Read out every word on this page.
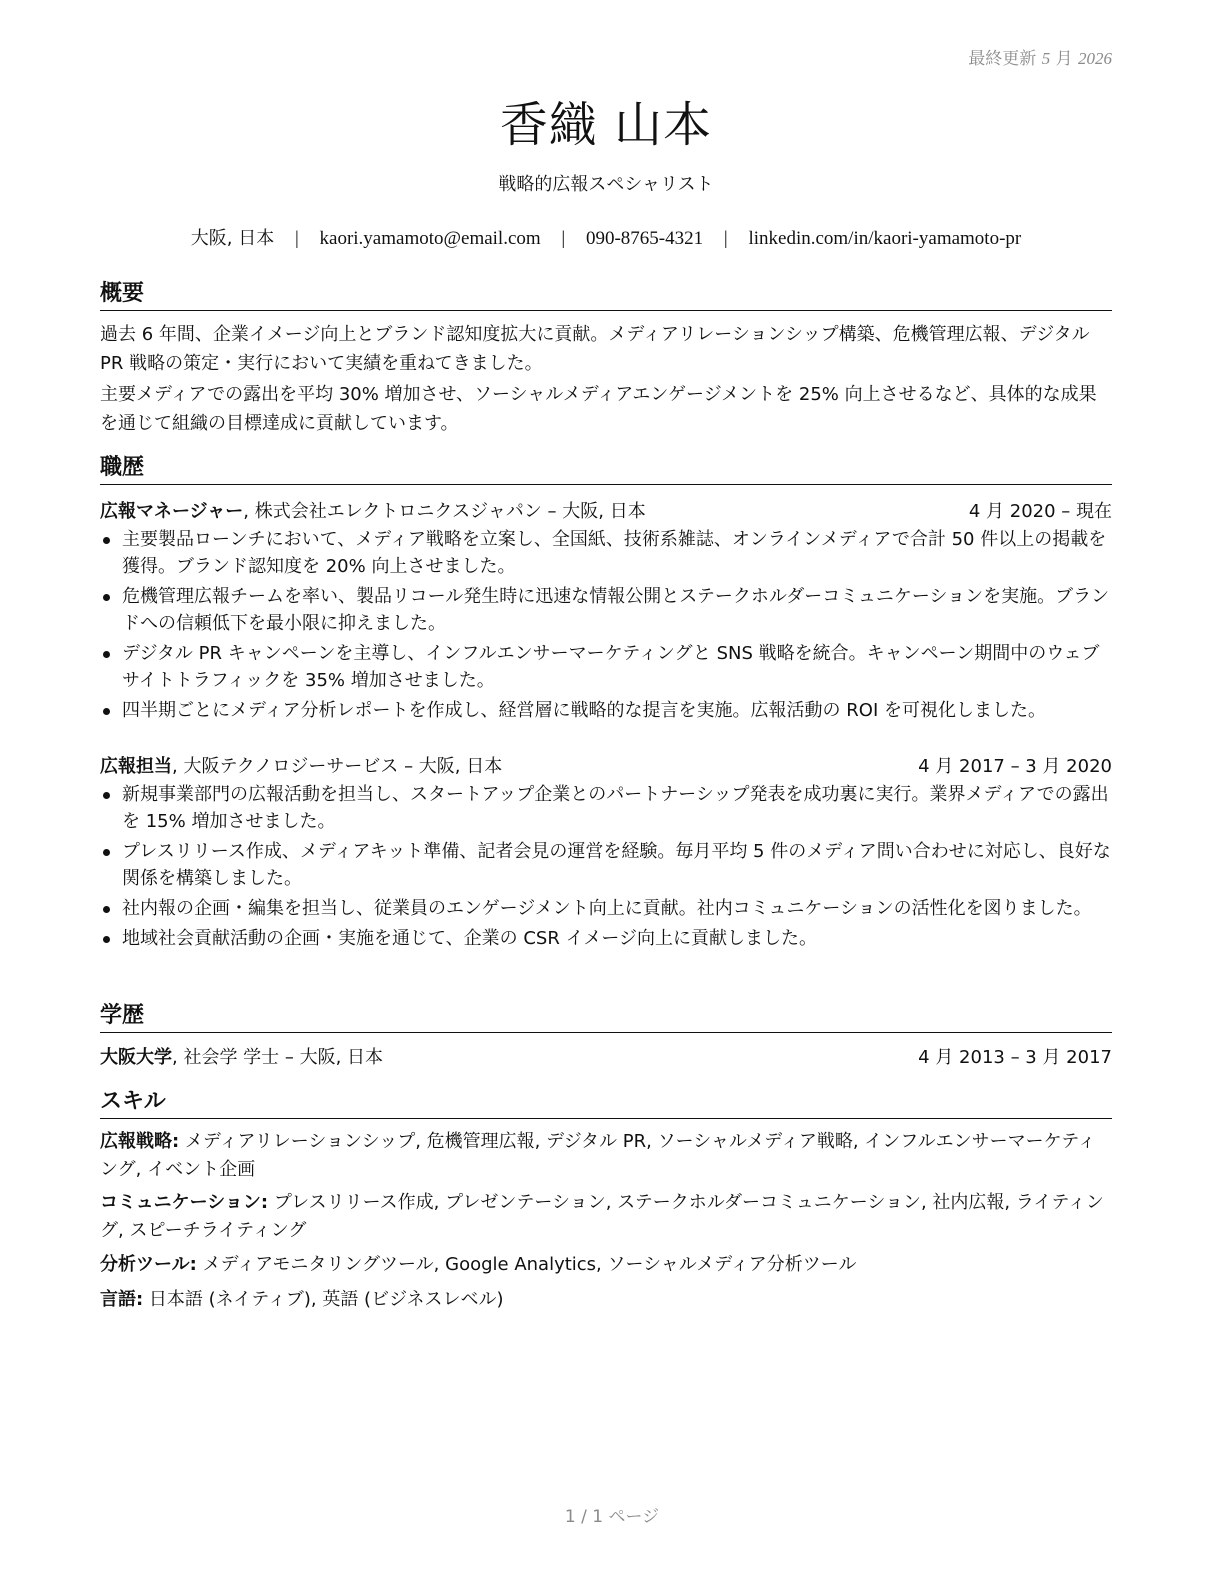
最終更新 5 月 2026
香織 山本
戦略的広報スペシャリスト
大阪, 日本 | kaori.yamamoto@email.com | 090-8765-4321 | linkedin.com/in/kaori-yamamoto-pr
概要
過去 6 年間、企業イメージ向上とブランド認知度拡大に貢献。メディアリレーションシップ構築、危機管理広報、デジタル PR 戦略の策定・実行において実績を重ねてきました。
主要メディアでの露出を平均 30% 増加させ、ソーシャルメディアエンゲージメントを 25% 向上させるなど、具体的な成果を通じて組織の目標達成に貢献しています。
職歴
広報マネージャー, 株式会社エレクトロニクスジャパン – 大阪, 日本	4 月 2020 – 現在
主要製品ローンチにおいて、メディア戦略を立案し、全国紙、技術系雑誌、オンラインメディアで合計 50 件以上の掲載を獲得。ブランド認知度を 20% 向上させました。
危機管理広報チームを率い、製品リコール発生時に迅速な情報公開とステークホルダーコミュニケーションを実施。ブランドへの信頼低下を最小限に抑えました。
デジタル PR キャンペーンを主導し、インフルエンサーマーケティングと SNS 戦略を統合。キャンペーン期間中のウェブサイトトラフィックを 35% 増加させました。
四半期ごとにメディア分析レポートを作成し、経営層に戦略的な提言を実施。広報活動の ROI を可視化しました。
広報担当, 大阪テクノロジーサービス – 大阪, 日本	4 月 2017 – 3 月 2020
新規事業部門の広報活動を担当し、スタートアップ企業とのパートナーシップ発表を成功裏に実行。業界メディアでの露出を 15% 増加させました。
プレスリリース作成、メディアキット準備、記者会見の運営を経験。毎月平均 5 件のメディア問い合わせに対応し、良好な関係を構築しました。
社内報の企画・編集を担当し、従業員のエンゲージメント向上に貢献。社内コミュニケーションの活性化を図りました。
地域社会貢献活動の企画・実施を通じて、企業の CSR イメージ向上に貢献しました。
学歴
大阪大学, 社会学 学士 – 大阪, 日本	4 月 2013 – 3 月 2017
スキル
広報戦略: メディアリレーションシップ, 危機管理広報, デジタル PR, ソーシャルメディア戦略, インフルエンサーマーケティング, イベント企画
コミュニケーション: プレスリリース作成, プレゼンテーション, ステークホルダーコミュニケーション, 社内広報, ライティング, スピーチライティング
分析ツール: メディアモニタリングツール, Google Analytics, ソーシャルメディア分析ツール
言語: 日本語 (ネイティブ), 英語 (ビジネスレベル)
1 / 1 ページ
